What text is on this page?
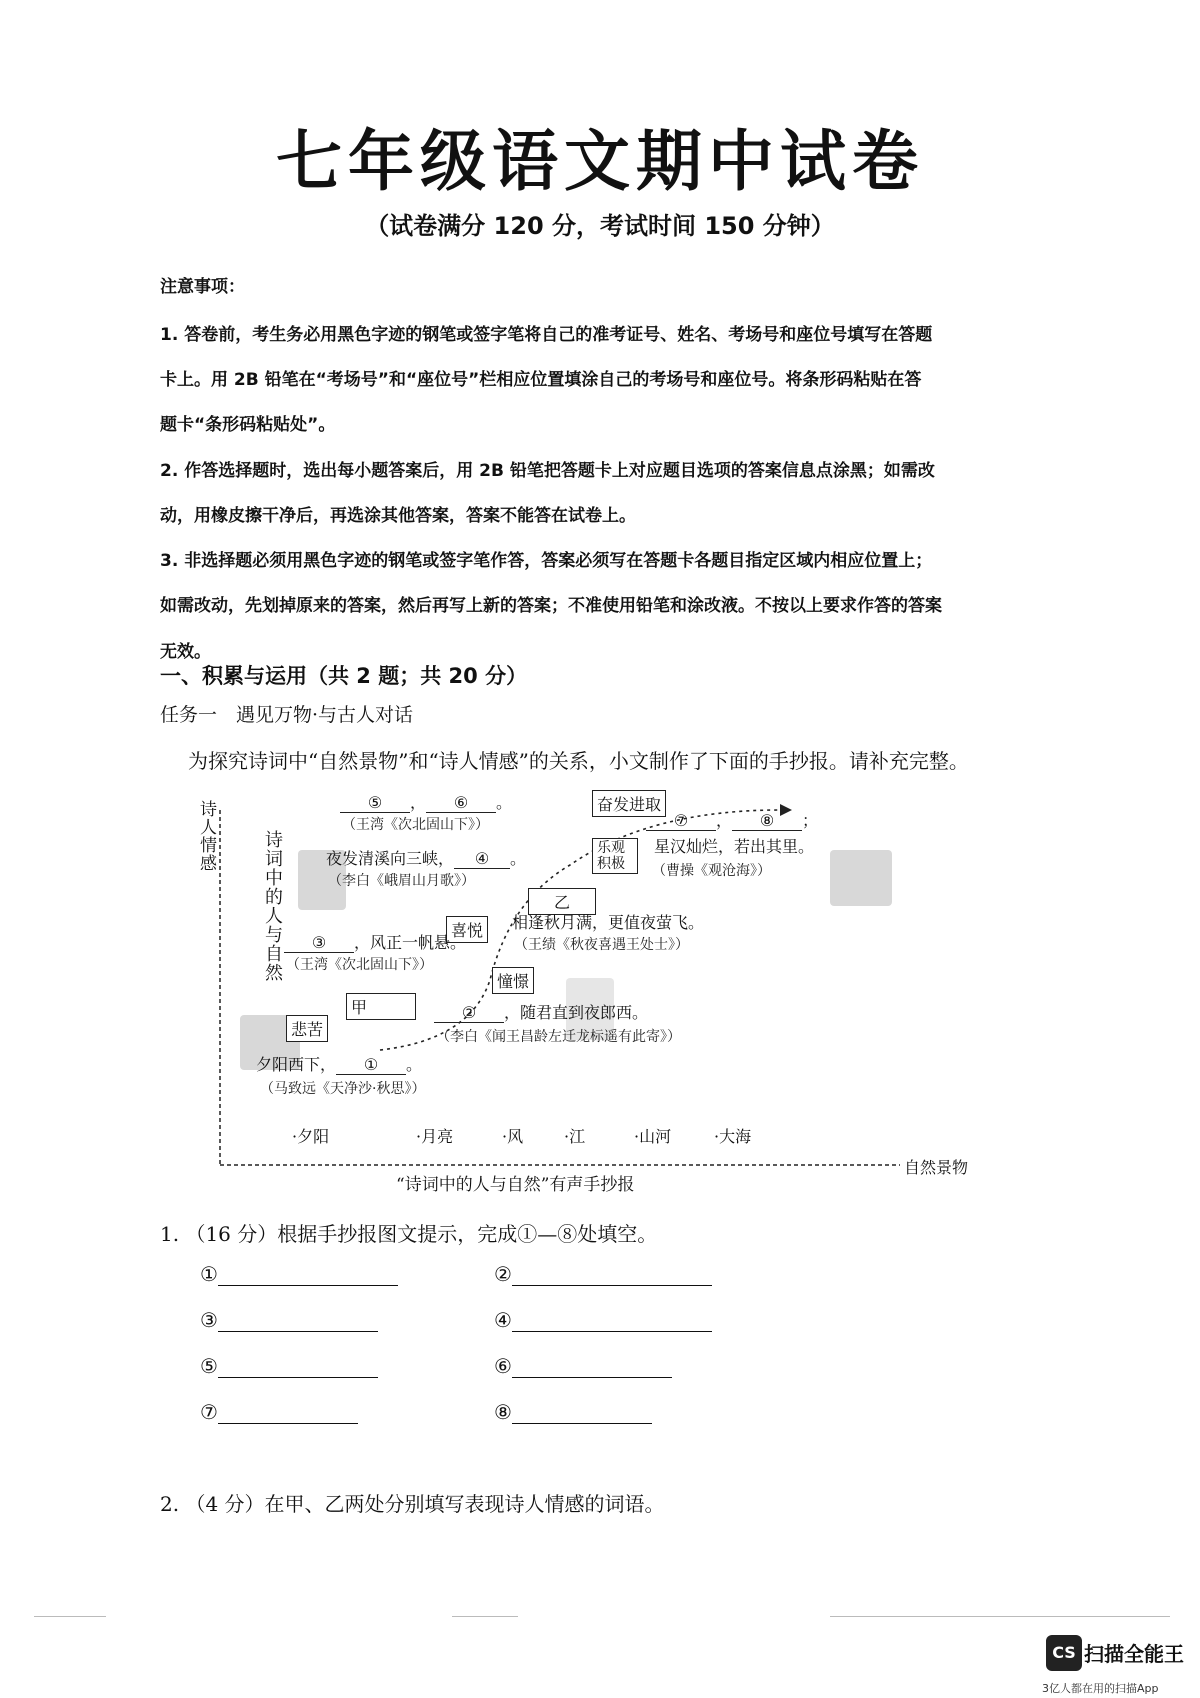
七年级语文期中试卷
（试卷满分 120 分，考试时间 150 分钟）
注意事项：
1. 答卷前，考生务必用黑色字迹的钢笔或签字笔将自己的准考证号、姓名、考场号和座位号填写在答题
卡上。用 2B 铅笔在“考场号”和“座位号”栏相应位置填涂自己的考场号和座位号。将条形码粘贴在答
题卡“条形码粘贴处”。
2. 作答选择题时，选出每小题答案后，用 2B 铅笔把答题卡上对应题目选项的答案信息点涂黑；如需改
动，用橡皮擦干净后，再选涂其他答案，答案不能答在试卷上。
3. 非选择题必须用黑色字迹的钢笔或签字笔作答，答案必须写在答题卡各题目指定区域内相应位置上；
如需改动，先划掉原来的答案，然后再写上新的答案；不准使用铅笔和涂改液。不按以上要求作答的答案
无效。
一、积累与运用（共 2 题；共 20 分）
任务一　遇见万物·与古人对话
为探究诗词中“自然景物”和“诗人情感”的关系，小文制作了下面的手抄报。请补充完整。
诗人情感	诗词中的人与自然
自然景物
奋发进取
乐观积极
乙
喜悦
憧憬
甲
悲苦
⑤ ， ⑥ 。
（王湾《次北固山下》）	⑦ ， ⑧ ；
星汉灿烂，若出其里。
（曹操《观沧海》）
夜发清溪向三峡， ④ 。
（李白《峨眉山月歌》）
相逢秋月满，更值夜萤飞。
（王绩《秋夜喜遇王处士》）
③ ，风正一帆悬。
（王湾《次北固山下》）
② ，随君直到夜郎西。
（李白《闻王昌龄左迁龙标遥有此寄》）
夕阳西下， ① 。
（马致远《天净沙·秋思》）
·夕阳	·月亮	·风	·江	·山河	·大海
“诗词中的人与自然”有声手抄报
1. （16 分）根据手抄报图文提示，完成①—⑧处填空。
①	②
③	④
⑤	⑥
⑦	⑧
2. （4 分）在甲、乙两处分别填写表现诗人情感的词语。
CS 扫描全能王
3亿人都在用的扫描App
